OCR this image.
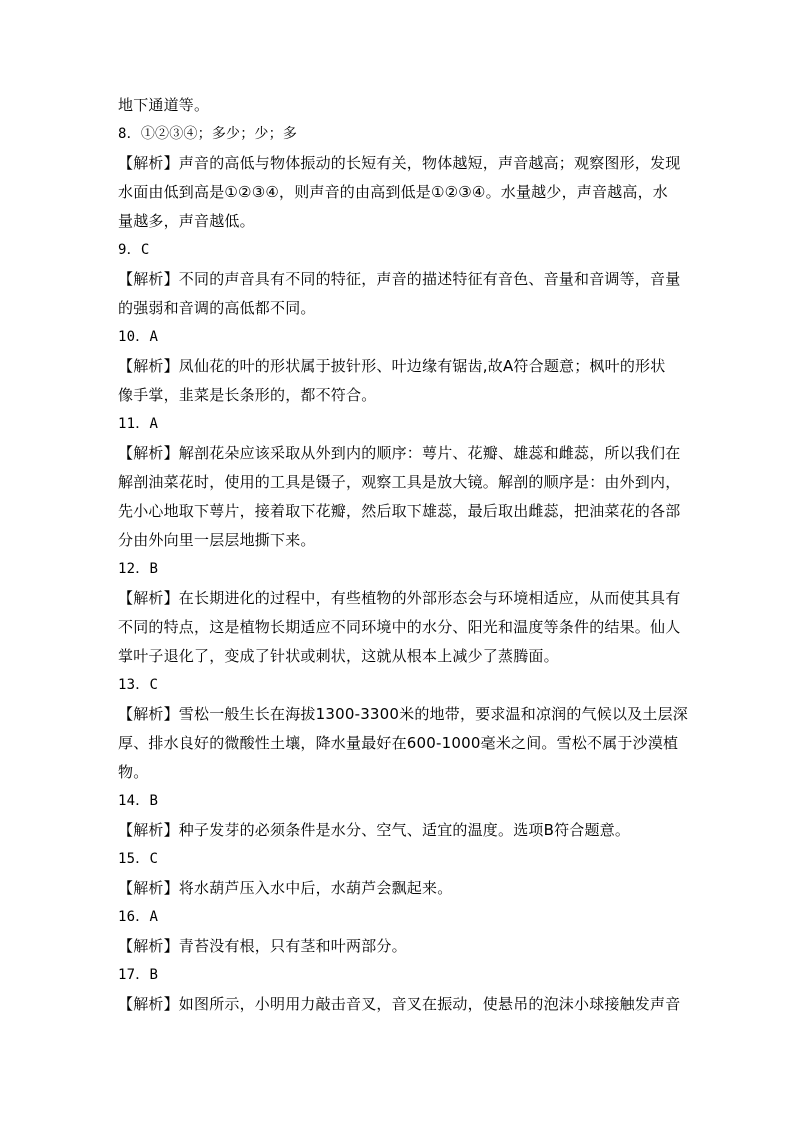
地下通道等。
8．①②③④；多少；少；多
【解析】声音的高低与物体振动的长短有关，物体越短，声音越高；观察图形，发现
水面由低到高是①②③④，则声音的由高到低是①②③④。水量越少，声音越高，水
量越多，声音越低。
9．C
【解析】不同的声音具有不同的特征，声音的描述特征有音色、音量和音调等，音量
的强弱和音调的高低都不同。
10．A
【解析】凤仙花的叶的形状属于披针形、叶边缘有锯齿,故A符合题意；枫叶的形状
像手掌，韭菜是长条形的，都不符合。
11．A
【解析】解剖花朵应该采取从外到内的顺序：萼片、花瓣、雄蕊和雌蕊，所以我们在
解剖油菜花时，使用的工具是镊子，观察工具是放大镜。解剖的顺序是：由外到内，
先小心地取下萼片，接着取下花瓣，然后取下雄蕊，最后取出雌蕊，把油菜花的各部
分由外向里一层层地撕下来。
12．B
【解析】在长期进化的过程中，有些植物的外部形态会与环境相适应，从而使其具有
不同的特点，这是植物长期适应不同环境中的水分、阳光和温度等条件的结果。仙人
掌叶子退化了，变成了针状或刺状，这就从根本上减少了蒸腾面。
13．C
【解析】雪松一般生长在海拔1300-3300米的地带，要求温和凉润的气候以及土层深
厚、排水良好的微酸性土壤，降水量最好在600-1000毫米之间。雪松不属于沙漠植
物。
14．B
【解析】种子发芽的必须条件是水分、空气、适宜的温度。选项B符合题意。
15．C
【解析】将水葫芦压入水中后，水葫芦会飘起来。
16．A
【解析】青苔没有根，只有茎和叶两部分。
17．B
【解析】如图所示，小明用力敲击音叉，音叉在振动，使悬吊的泡沫小球接触发声音
